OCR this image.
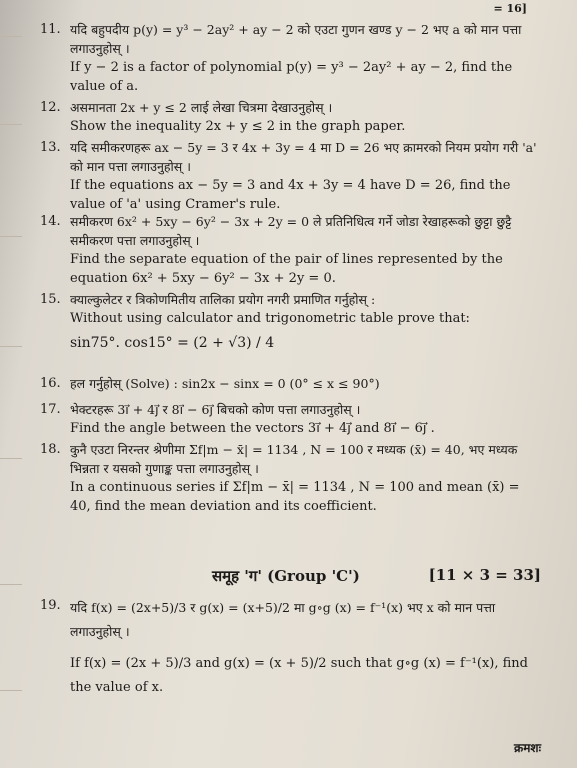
= 16]
11. यदि बहुपदीय p(y) = y³ − 2ay² + ay − 2 को एउटा गुणन खण्ड y − 2 भए a को मान पत्ता लगाउनुहोस् ।
If y − 2 is a factor of polynomial p(y) = y³ − 2ay² + ay − 2, find the value of a.
12. असमानता 2x + y ≤ 2 लाई लेखा चित्रमा देखाउनुहोस् ।
Show the inequality 2x + y ≤ 2 in the graph paper.
13. यदि समीकरणहरू ax − 5y = 3 र 4x + 3y = 4 मा D = 26 भए क्रामरको नियम प्रयोग गरी 'a' को मान पत्ता लगाउनुहोस् ।
If the equations ax − 5y = 3 and 4x + 3y = 4 have D = 26, find the value of 'a' using Cramer's rule.
14. समीकरण 6x² + 5xy − 6y² − 3x + 2y = 0 ले प्रतिनिधित्व गर्ने जोडा रेखाहरूको छुट्टा छुट्टै समीकरण पत्ता लगाउनुहोस् ।
Find the separate equation of the pair of lines represented by the equation 6x² + 5xy − 6y² − 3x + 2y = 0.
15. क्याल्कुलेटर र त्रिकोणमितीय तालिका प्रयोग नगरी प्रमाणित गर्नुहोस् :
Without using calculator and trigonometric table prove that:
sin75°. cos15° = (2 + √3) / 4
16. हल गर्नुहोस् (Solve) : sin2x − sinx = 0 (0° ≤ x ≤ 90°)
17. भेक्टरहरू 3i⃗ + 4j⃗ र 8i⃗ − 6j⃗ बिचको कोण पत्ता लगाउनुहोस् ।
Find the angle between the vectors 3i⃗ + 4j⃗ and 8i⃗ − 6j⃗ .
18. कुनै एउटा निरन्तर श्रेणीमा Σf|m − x̄| = 1134 , N = 100 र मध्यक (x̄) = 40, भए मध्यक भिन्नता र यसको गुणाङ्क पत्ता लगाउनुहोस् ।
In a continuous series if Σf|m − x̄| = 1134 , N = 100 and mean (x̄) = 40, find the mean deviation and its coefficient.
समूह 'ग' (Group 'C')	[11 × 3 = 33]
19. यदि f(x) = (2x+5)/3 र g(x) = (x+5)/2 मा g∘g (x) = f⁻¹(x) भए x को मान पत्ता लगाउनुहोस् ।
If f(x) = (2x + 5)/3 and g(x) = (x + 5)/2 such that g∘g (x) = f⁻¹(x), find the value of x.
क्रमशः
